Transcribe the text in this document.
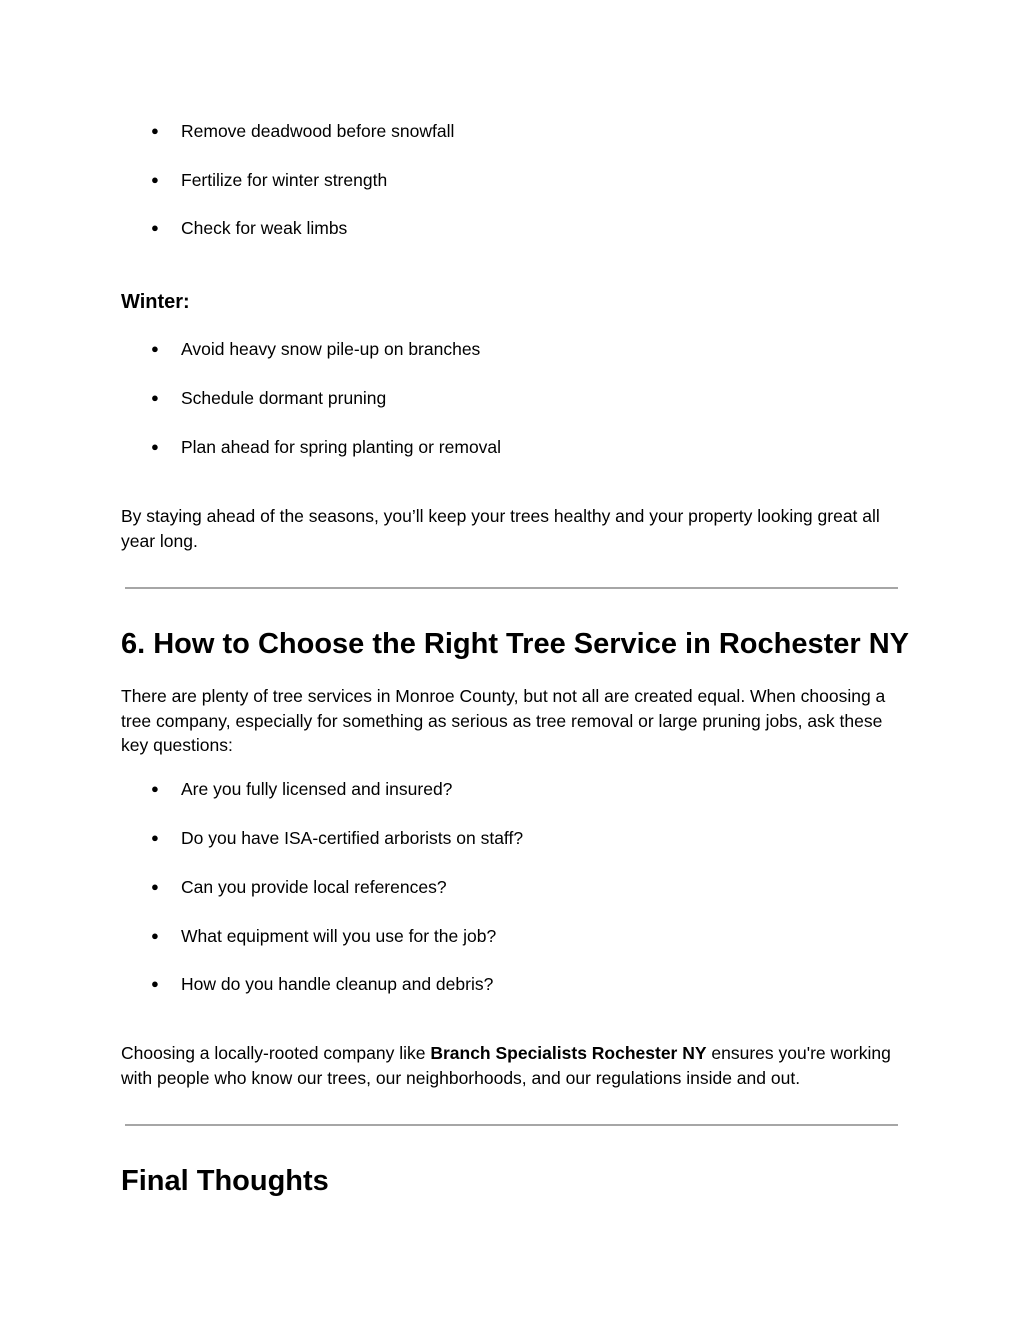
● Remove deadwood before snowfall
● Fertilize for winter strength
● Check for weak limbs
Winter:
● Avoid heavy snow pile-up on branches
● Schedule dormant pruning
● Plan ahead for spring planting or removal
By staying ahead of the seasons, you’ll keep your trees healthy and your property looking great all year long.
6. How to Choose the Right Tree Service in Rochester NY
There are plenty of tree services in Monroe County, but not all are created equal. When choosing a tree company, especially for something as serious as tree removal or large pruning jobs, ask these key questions:
● Are you fully licensed and insured?
● Do you have ISA-certified arborists on staff?
● Can you provide local references?
● What equipment will you use for the job?
● How do you handle cleanup and debris?
Choosing a locally-rooted company like Branch Specialists Rochester NY ensures you're working with people who know our trees, our neighborhoods, and our regulations inside and out.
Final Thoughts
